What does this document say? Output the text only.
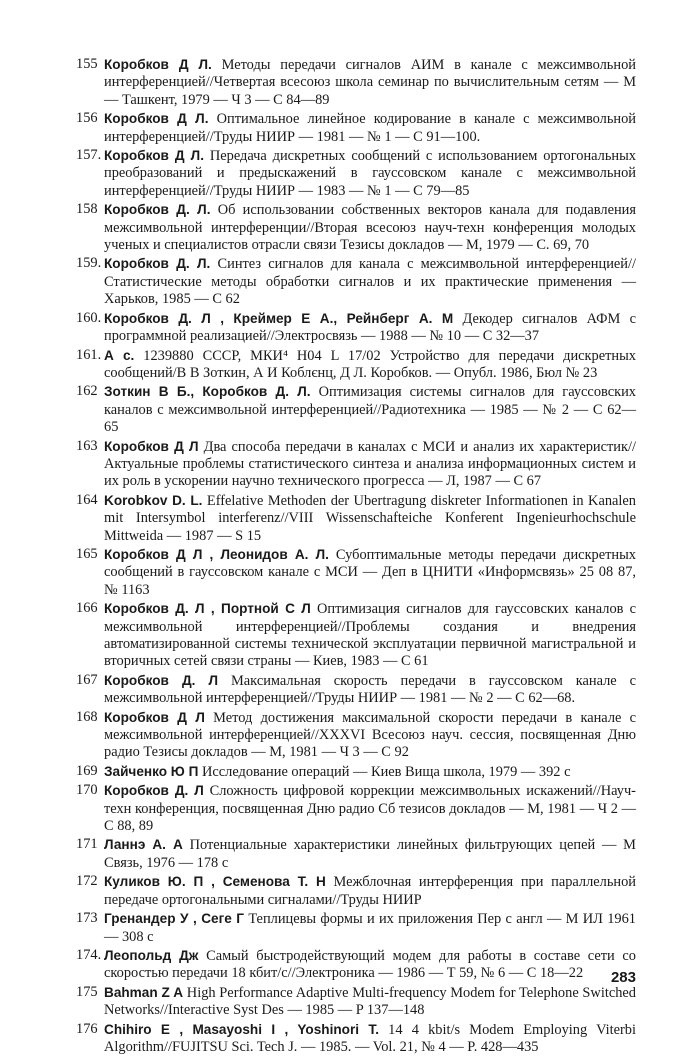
155 Коробков Д Л. Методы передачи сигналов АИМ в канале с межсимвольной интерференцией//Четвертая всесоюз школа семинар по вычислительным сетям — М — Ташкент, 1979 — Ч 3 — С 84—89
156 Коробков Д Л. Оптимальное линейное кодирование в канале с межсимвольной интерференцией//Труды НИИР — 1981 — № 1 — С 91—100.
157. Коробков Д Л. Передача дискретных сообщений с использованием ортогональных преобразований и предыскажений в гауссовском канале с межсимвольной интерференцией//Труды НИИР — 1983 — № 1 — С 79—85
158 Коробков Д. Л. Об использовании собственных векторов канала для подавления межсимвольной интерференции//Вторая всесоюз науч-техн конференция молодых ученых и специалистов отрасли связи Тезисы докладов — М, 1979 — С. 69, 70
159. Коробков Д. Л. Синтез сигналов для канала с межсимвольной интерференцией//Статистические методы обработки сигналов и их практические применения — Харьков, 1985 — С 62
160. Коробков Д. Л , Креймер Е А., Рейнберг А. М Декодер сигналов АФМ с программной реализацией//Электросвязь — 1988 — № 10 — С 32—37
161. А с. 1239880 СССР, МКИ⁴ Н04 L 17/02 Устройство для передачи дискретных сообщений/В В Зоткин, А И Коблєнц, Д Л. Коробков. — Опубл. 1986, Бюл № 23
162 Зоткин В Б., Коробков Д. Л. Оптимизация системы сигналов для гауссовских каналов с межсимвольной интерференцией//Радиотехника — 1985 — № 2 — С 62—65
163 Коробков Д Л Два способа передачи в каналах с МСИ и анализ их характеристик//Актуальные проблемы статистического синтеза и анализа информационных систем и их роль в ускорении научно технического прогресса — Л, 1987 — С 67
164 Korobkov D. L. Effelative Methoden der Ubertragung diskreter Informationen in Kanalen mit Intersymbol interferenz//VIII Wissenschafteiche Konferent Ingenieurhochschule Mittweida — 1987 — S 15
165 Коробков Д Л , Леонидов А. Л. Субоптимальные методы передачи дискретных сообщений в гауссовском канале с МСИ — Деп в ЦНИТИ «Информсвязь» 25 08 87, № 1163
166 Коробков Д. Л , Портной С Л Оптимизация сигналов для гауссовских каналов с межсимвольной интерференцией//Проблемы создания и внедрения автоматизированной системы технической эксплуатации первичной магистральной и вторичных сетей связи страны — Киев, 1983 — С 61
167 Коробков Д. Л Максимальная скорость передачи в гауссовском канале с межсимвольной интерференцией//Труды НИИР — 1981 — № 2 — С 62—68.
168 Коробков Д Л Метод достижения максимальной скорости передачи в канале с межсимвольной интерференцией//XXXVI Всесоюз науч. сессия, посвященная Дню радио Тезисы докладов — М, 1981 — Ч 3 — С 92
169 Зайченко Ю П Исследование операций — Киев Вища школа, 1979 — 392 с
170 Коробков Д. Л Сложность цифровой коррекции межсимвольных искажений//Науч-техн конференция, посвященная Дню радио Сб тезисов докладов — М, 1981 — Ч 2 — С 88, 89
171 Ланнэ А. А Потенциальные характеристики линейных фильтрующих цепей — М Связь, 1976 — 178 с
172 Куликов Ю. П , Семенова Т. Н Межблочная интерференция при параллельной передаче ортогональными сигналами//Труды НИИР
173 Гренандер У , Сеге Г Теплицевы формы и их приложения Пер с англ — М ИЛ 1961 — 308 с
174. Леопольд Дж Самый быстродействующий модем для работы в составе сети со скоростью передачи 18 кбит/с//Электроника — 1986 — Т 59, № 6 — С 18—22
175 Bahman Z A High Performance Adaptive Multi-frequency Modem for Telephone Switched Networks//Interactive Syst Des — 1985 — P 137—148
176 Chihiro E , Masayoshi I , Yoshinori T. 14 4 kbit/s Modem Employing Viterbi Algorithm//FUJITSU Sci. Tech J. — 1985. — Vol. 21, № 4 — P. 428—435
283
